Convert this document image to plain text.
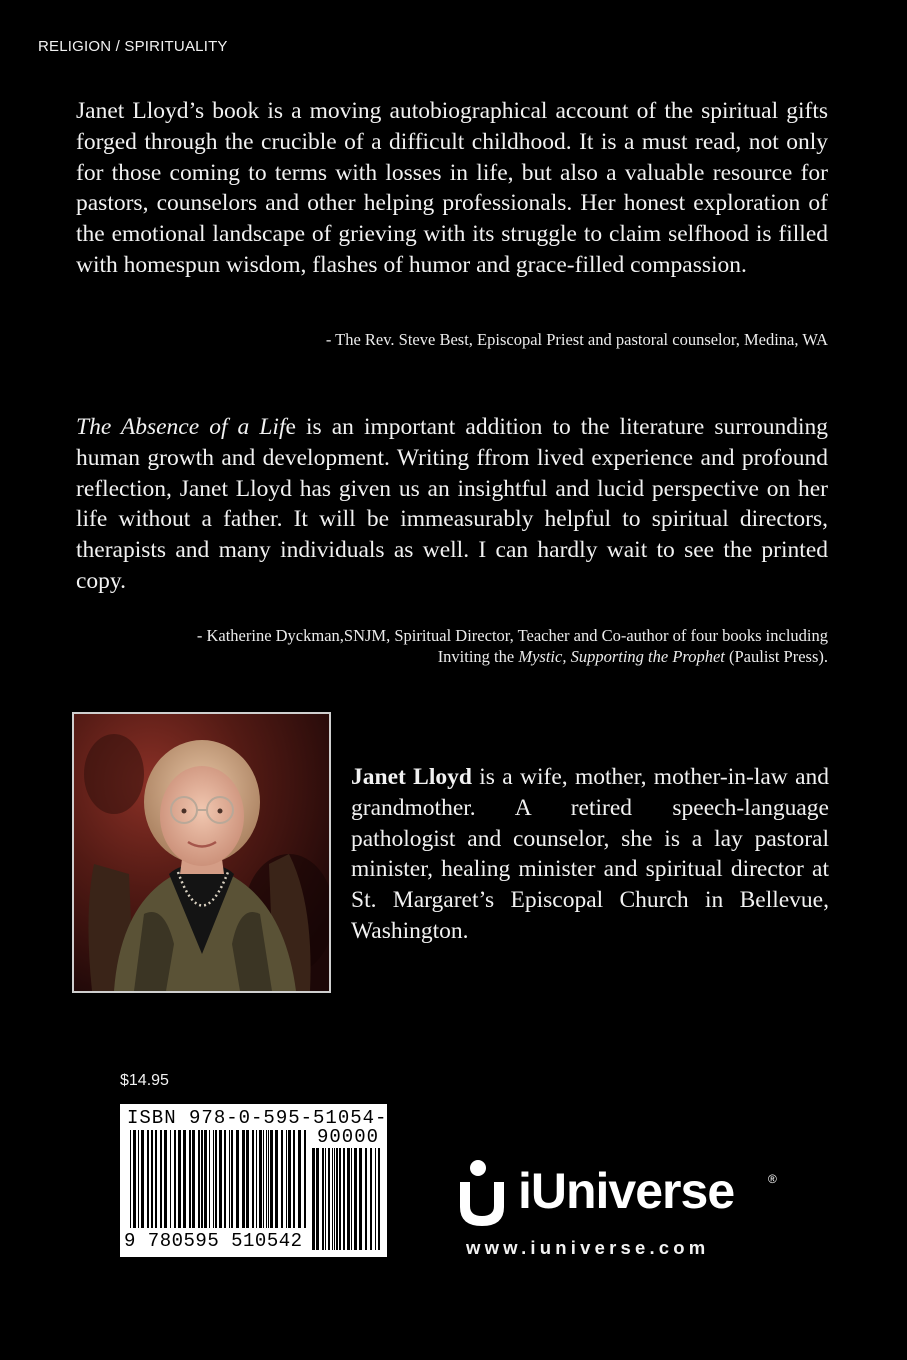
RELIGION / SPIRITUALITY

Janet Lloyd’s book is a moving autobiographical account of the spiritual gifts forged through the crucible of a difficult childhood. It is a must read, not only for those coming to terms with losses in life, but also a valuable resource for pastors, counselors and other helping professionals. Her honest exploration of the emotional landscape of grieving with its struggle to claim selfhood is filled with homespun wisdom, flashes of humor and grace-filled compassion.

- The Rev. Steve Best, Episcopal Priest and pastoral counselor, Medina, WA

The Absence of a Life is an important addition to the literature surrounding human growth and development. Writing ffrom lived experience and profound reflection, Janet Lloyd has given us an insightful and lucid perspective on her life without a father. It will be immeasurably helpful to spiritual directors, therapists and many individuals as well. I can hardly wait to see the printed copy.

- Katherine Dyckman,SNJM, Spiritual Director, Teacher and Co-author of four books including
Inviting the Mystic, Supporting the Prophet (Paulist Press).

Janet Lloyd is a wife, mother, mother-in-law and grandmother. A retired speech-language pathologist and counselor, she is a lay pastoral minister, healing minister and spiritual director at St. Margaret’s Episcopal Church in Bellevue, Washington.

$14.95
ISBN 978-0-595-51054-2
90000
9 780595 510542
iUniverse	®
www.iuniverse.com
